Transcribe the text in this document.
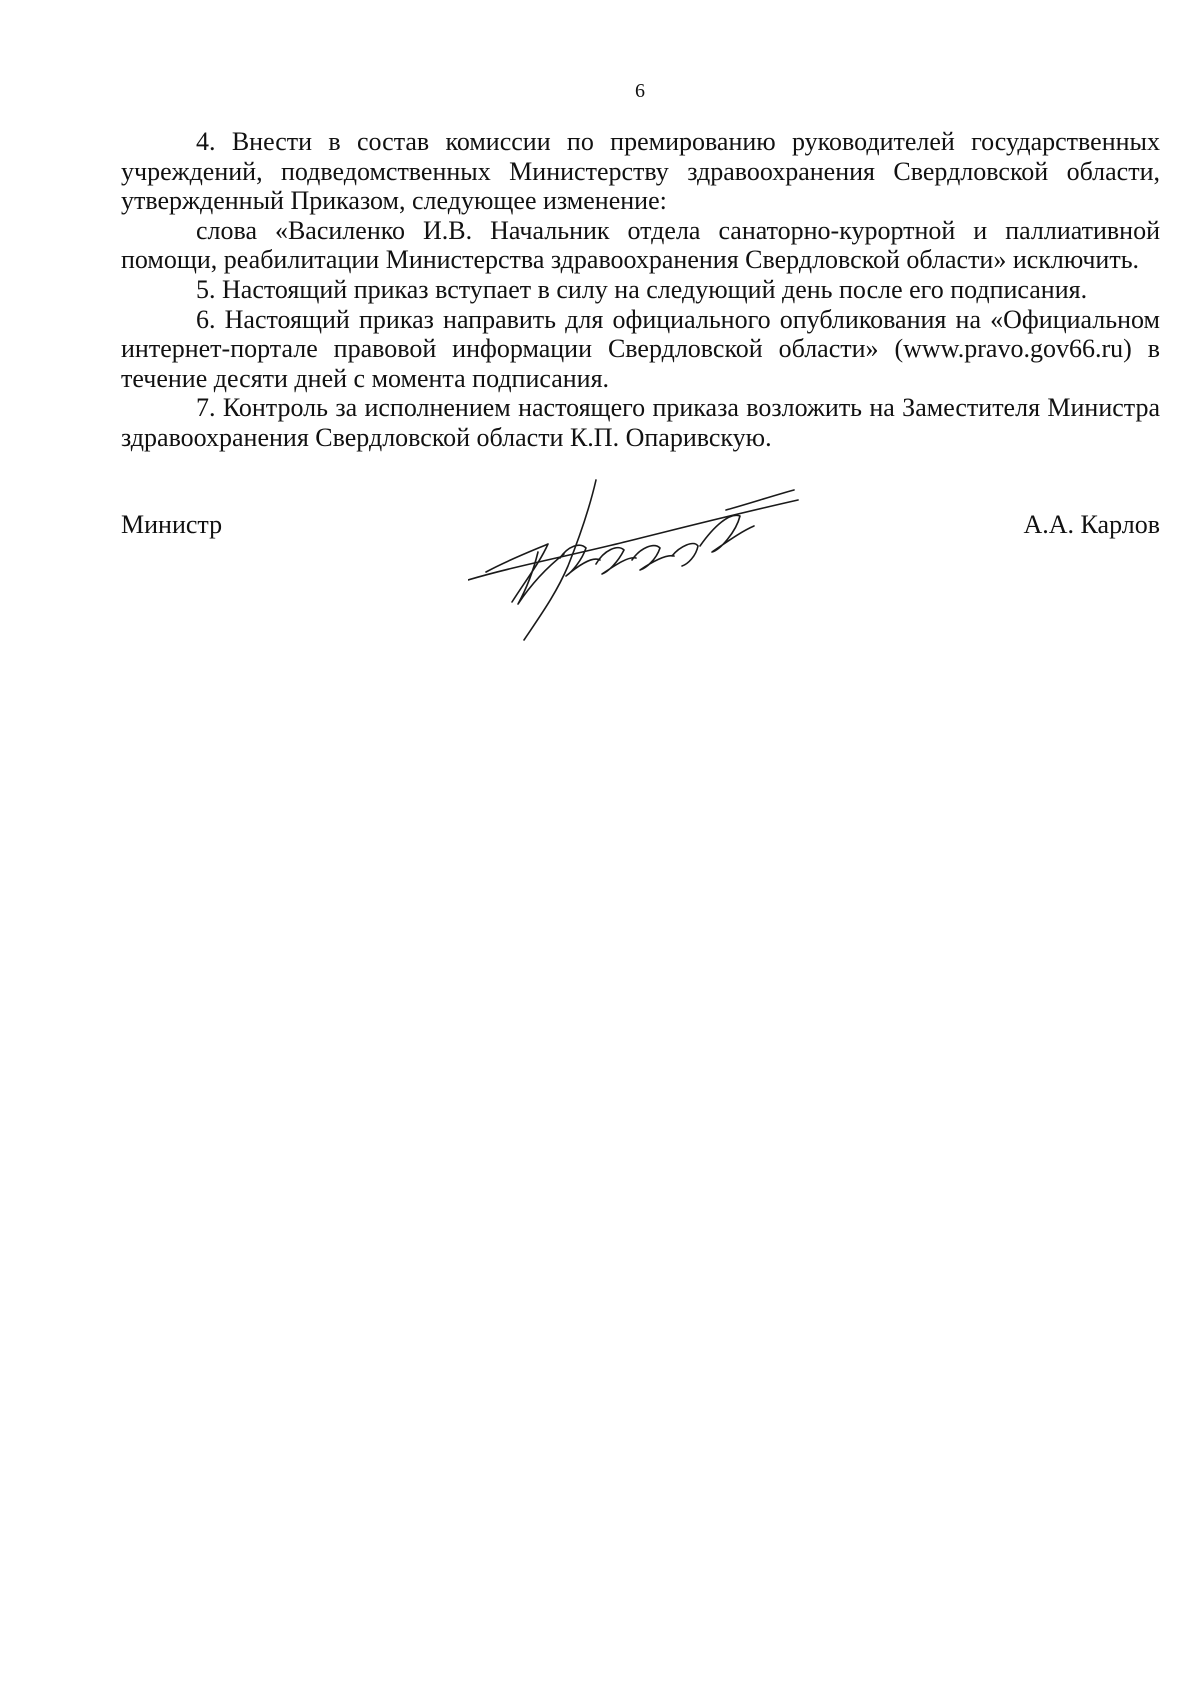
6

4. Внести в состав комиссии по премированию руководителей государственных учреждений, подведомственных Министерству здравоохранения Свердловской области, утвержденный Приказом, следующее изменение:

слова «Василенко И.В. Начальник отдела санаторно-курортной и паллиативной помощи, реабилитации Министерства здравоохранения Свердловской области» исключить.

5. Настоящий приказ вступает в силу на следующий день после его подписания.

6. Настоящий приказ направить для официального опубликования на «Официальном интернет-портале правовой информации Свердловской области» (www.pravo.gov66.ru) в течение десяти дней с момента подписания.

7. Контроль за исполнением настоящего приказа возложить на Заместителя Министра здравоохранения Свердловской области К.П. Опаривскую.

Министр	А.А. Карлов
